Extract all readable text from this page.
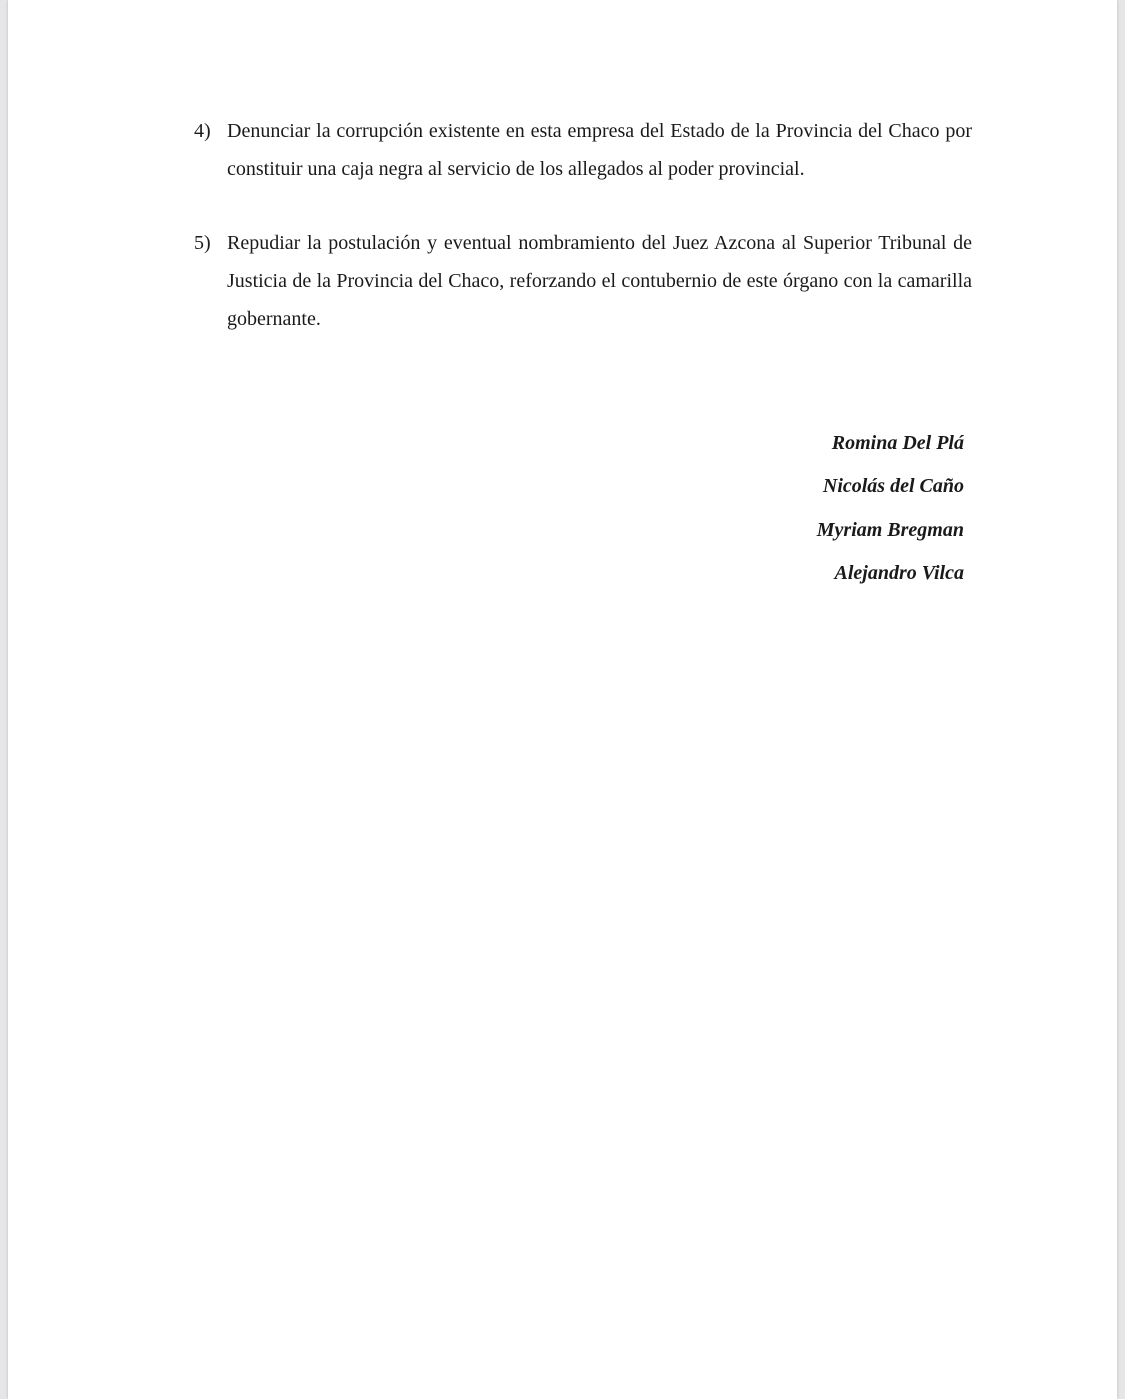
4) Denunciar la corrupción existente en esta empresa del Estado de la Provincia del Chaco por constituir una caja negra al servicio de los allegados al poder provincial.
5) Repudiar la postulación y eventual nombramiento del Juez Azcona al Superior Tribunal de Justicia de la Provincia del Chaco, reforzando el contubernio de este órgano con la camarilla gobernante.
Romina Del Plá
Nicolás del Caño
Myriam Bregman
Alejandro Vilca
